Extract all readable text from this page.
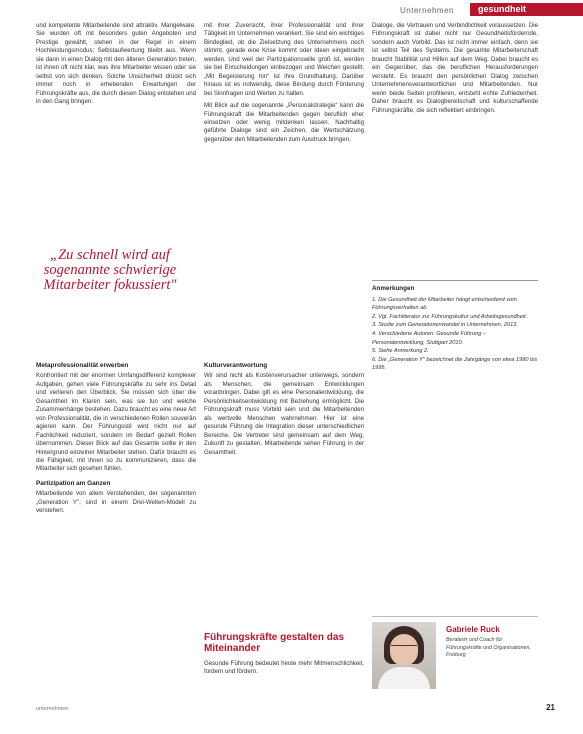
Unternehmen	gesundheit

und kompetente Mitarbeitende sind attraktiv. Mangelware. Sie wurden oft mit besonders guten Angeboten und Prestige gewählt, stehen in der Regel in einem Hochleistungsmodus; Selbstaufwertung bleibt aus. Wenn sie dann in einen Dialog mit den älteren Generation treten, ist ihnen oft nicht klar, was ihre Mitarbeiter wissen oder sie selbst von sich denken. Solche Unsicherheit drückt sich immer noch in erhebenden Erwartungen der Führungskräfte aus, die durch diesen Dialog entstehen und in den Gang bringen.

„Zu schnell wird auf sogenannte schwierige Mitarbeiter fokussiert"
Metaprofessionalität erwerben

Konfrontiert mit der enormen Umfangsdifferenz komplexer Aufgaben, gehen viele Führungskräfte zu sehr ins Detail und verlieren den Überblick. Sie müssen sich über die Gesamtheit im Klaren sein, was sie tun und welche Zusammenhänge bestehen. Dazu braucht es eine neue Art von Professionalität, die in verschiedenen Rollen souverän agieren kann. Der Führungsstil wird nicht nur auf Fachlichkeit reduziert, sondern im Bedarf gezielt Rollen übernommen. Dieser Blick auf das Gesamte sollte in den Hintergrund einzelner Mitarbeiter stehen. Dafür braucht es die Fähigkeit, mit ihnen so zu kommunizieren, dass die Mitarbeiter sich gesehen fühlen.

Partizipation am Ganzen

Mitarbeitende von allem Verstehenden, der sogenannten „Generation Y", sind in einem Drei-Welten-Modell zu verstehen.

mit ihrer Zuversicht, ihrer Professionalität und ihrer Tätigkeit im Unternehmen verankert. Sie sind ein wichtiges Bindeglied, ob die Zielsetzung des Unternehmens noch stimmt, gerade eine Krise kommt oder Ideen eingebracht werden. Und weil der Partizipationswille groß ist, werden sie bei Entscheidungen einbezogen und Weichen gestellt. „Mit Begeisterung hin“ ist ihre Grundhaltung. Darüber hinaus ist es notwendig, diese Bindung durch Förderung bei Sinnfragen und Werten zu halten.

Mit Blick auf die sogenannte „Personalstrategie“ kann die Führungskraft die Mitarbeitenden gegen beruflich eher einsetzen oder wenig mitdenken lassen. Nachhaltig geführte Dialoge sind ein Zeichen, die Wertschätzung gegenüber den Mitarbeitenden zum Ausdruck bringen.

Kulturverantwortung

Wir sind nicht als Kostenverursacher unterwegs, sondern als Menschen, die gemeinsam Entwicklungen voranbringen. Dabei gilt es eine Personalentwicklung, die Persönlichkeitsentwicklung mit Beziehung ermöglicht. Die Führungskraft muss Vorbild sein und die Mitarbeitenden als wertvolle Menschen wahrnehmen. Hier ist eine gesunde Führung die Integration dieser unterschiedlichen Bereiche. Die Vertreter sind gemeinsam auf dem Weg, Zukunft zu gestalten. Mitarbeitende sehen Führung in der Gesamtheit.

Führungskräfte gestalten das Miteinander

Gesunde Führung bedeutet heute mehr Mitmenschlichkeit, fordern und fördern.

Dialoge, die Vertrauen und Verbindlichkeit voraussetzen. Die Führungskraft ist dabei nicht nur Gesundheitsfördernde, sondern auch Vorbild. Das ist nicht immer einfach, denn sie ist selbst Teil des Systems. Die gesamte Mitarbeiterschaft braucht Stabilität und Hilfen auf dem Weg. Dabei braucht es ein Gegenüber, das die beruflichen Herausforderungen versteht. Es braucht den persönlichen Dialog zwischen Unternehmensverantwortlichen und Mitarbeitenden. Nur wenn beide Seiten profitieren, entsteht echte Zufriedenheit. Daher braucht es Dialogbereitschaft und kulturschaffende Führungskräfte, die sich reflektiert einbringen.

Anmerkungen

1. Die Gesundheit der Mitarbeiter hängt entscheidend vom Führungsverhalten ab.

2. Vgl. Fachliteratur zur Führungskultur und Arbeitsgesundheit.

3. Studie zum Generationenwandel in Unternehmen, 2013.

4. Verschiedene Autoren: Gesunde Führung – Personalentwicklung, Stuttgart 2010.

5. Siehe Anmerkung 2.

6. Die „Generation Y" bezeichnet die Jahrgänge von etwa 1980 bis 1995.

Gabriele Ruck
Beraterin und Coach für Führungskräfte und Organisationen, Freiburg
unternehmen	21
